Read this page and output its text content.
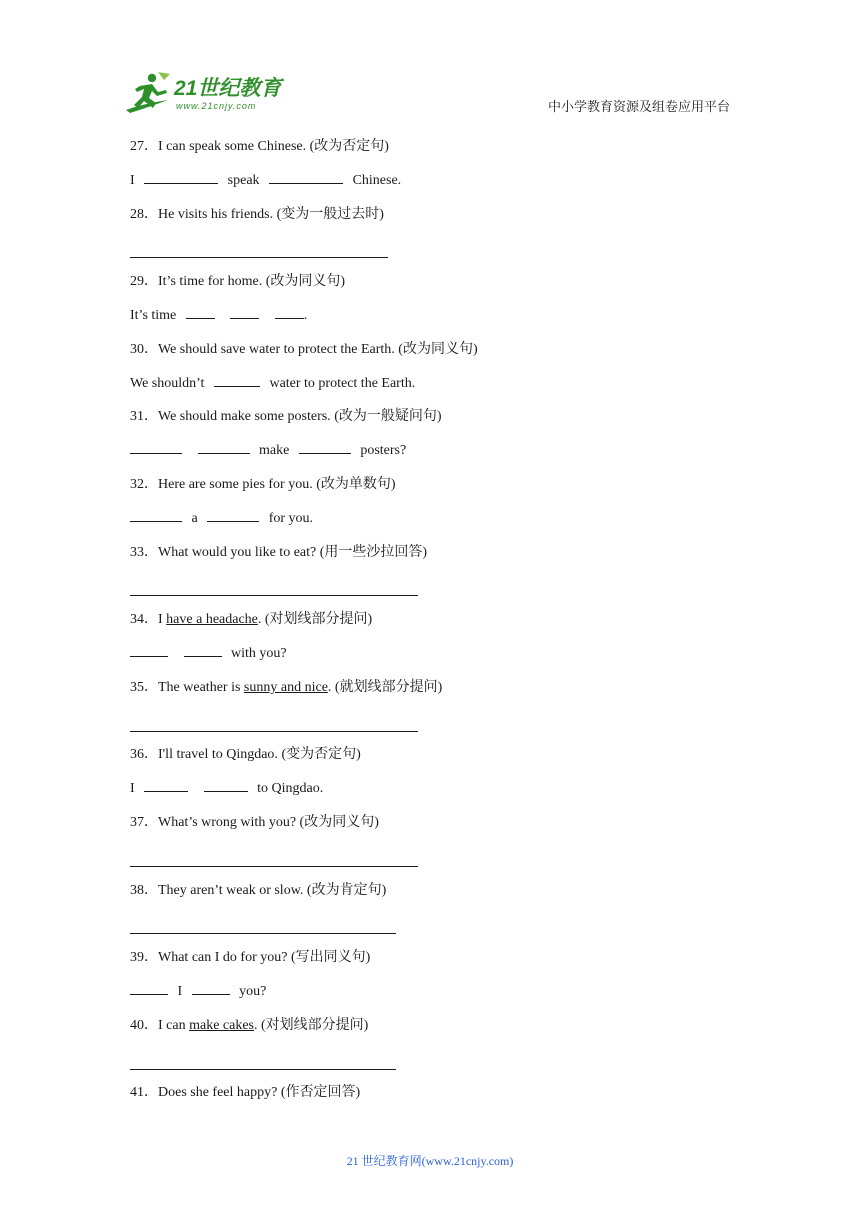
21世纪教育
www.21cnjy.com	中小学教育资源及组卷应用平台
27．I can speak some Chinese. (改为否定句)
I	speak	Chinese.
28．He visits his friends. (变为一般过去时)
29．It’s time for home. (改为同义句)
It’s time	.
30．We should save water to protect the Earth. (改为同义句)
We shouldn’t	water to protect the Earth.
31．We should make some posters. (改为一般疑问句)
make	posters?
32．Here are some pies for you. (改为单数句)
a	for you.
33．What would you like to eat? (用一些沙拉回答)
34．I have a headache. (对划线部分提问)
with you?
35．The weather is sunny and nice. (就划线部分提问)
36．I'll travel to Qingdao. (变为否定句)
I	to Qingdao.
37．What’s wrong with you? (改为同义句)
38．They aren’t weak or slow. (改为肯定句)
39．What can I do for you? (写出同义句)
I	you?
40．I can make cakes. (对划线部分提问)
41．Does she feel happy? (作否定回答)
21 世纪教育网(www.21cnjy.com)
